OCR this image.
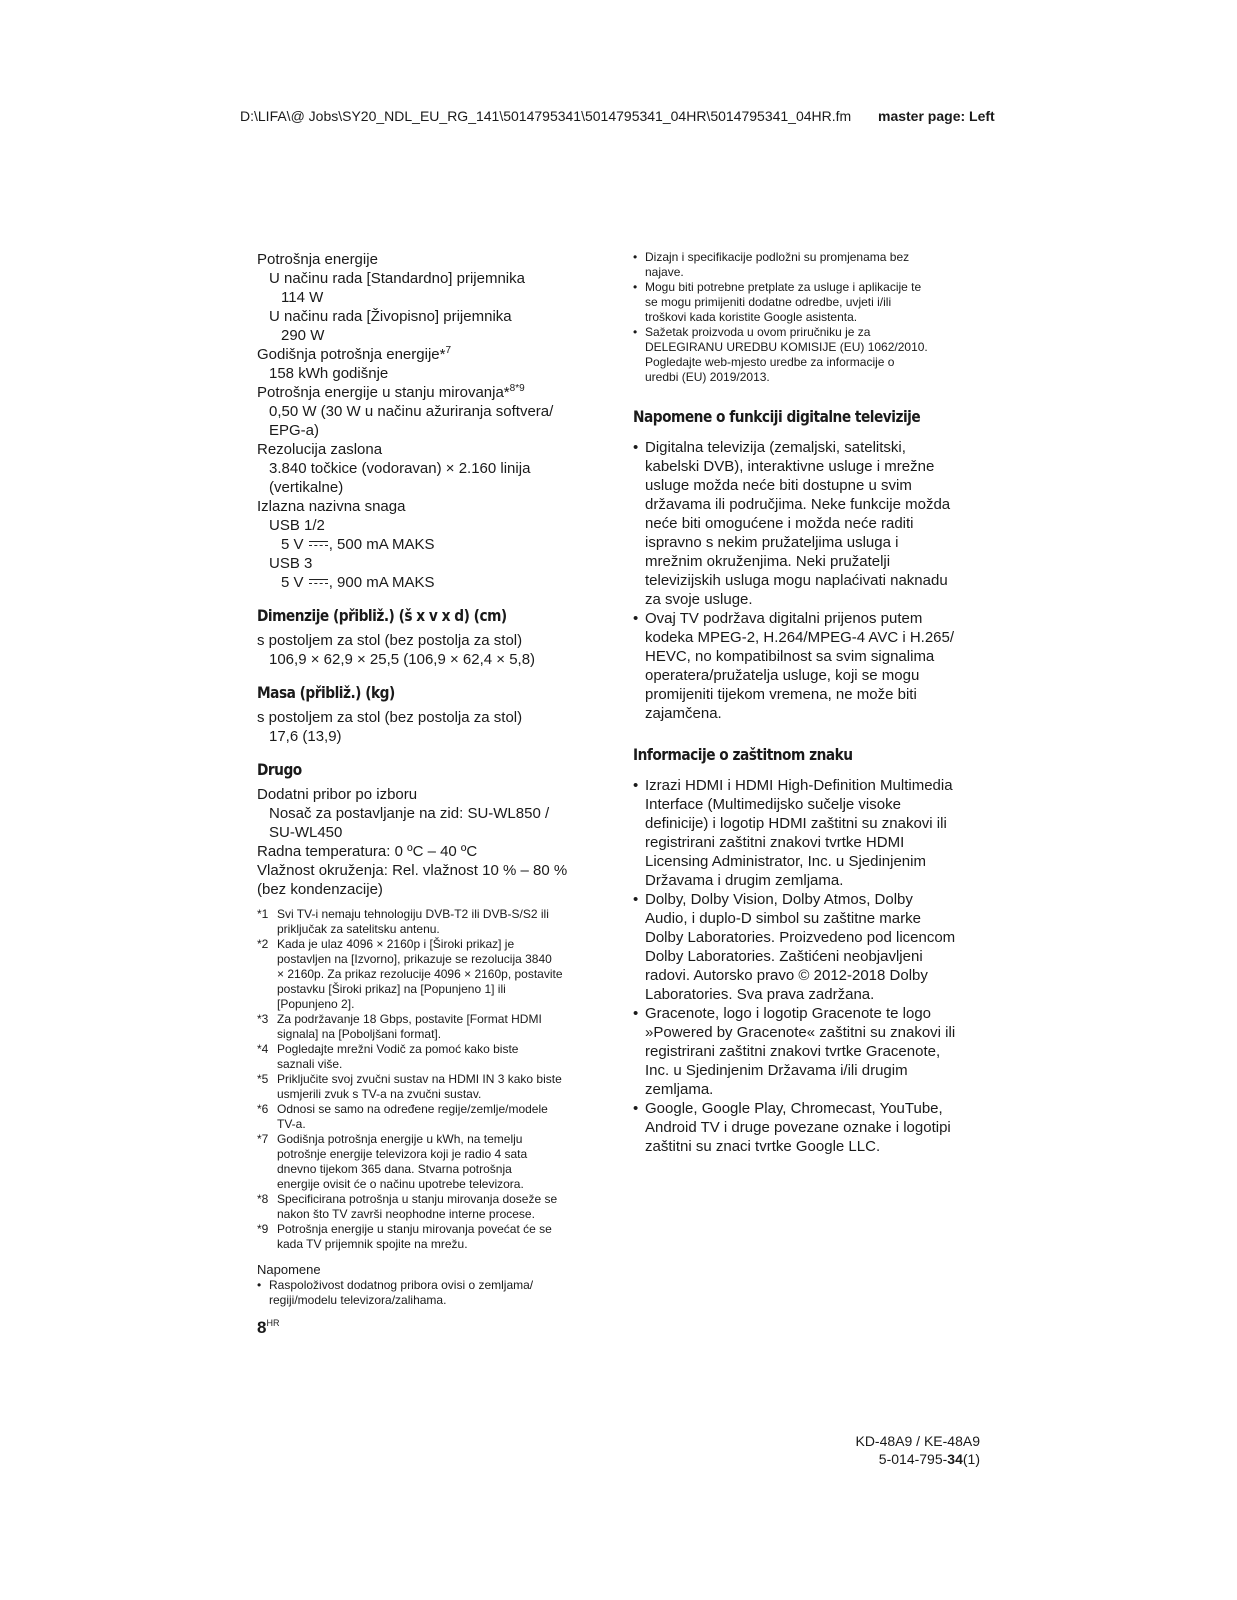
D:\LIFA\@ Jobs\SY20_NDL_EU_RG_141\5014795341\5014795341_04HR\5014795341_04HR.fm master page: Left
Potrošnja energije
U načinu rada [Standardno] prijemnika
114 W
U načinu rada [Živopisno] prijemnika
290 W
Godišnja potrošnja energije*$^7$
158 kWh godišnje
Potrošnja energije u stanju mirovanja*$^{8*9}$
0,50 W (30 W u načinu ažuriranja softvera/
EPG-a)
Rezolucija zaslona
3.840 točkice (vodoravan) × 2.160 linija
(vertikalne)
Izlazna nazivna snaga
USB 1/2
5 V , 500 mA MAKS
USB 3
5 V , 900 mA MAKS
Dimenzije (přibliž.) (š x v x d) (cm)
s postoljem za stol (bez postolja za stol)
106,9 × 62,9 × 25,5 (106,9 × 62,4 × 5,8)
Masa (přibliž.) (kg)
s postoljem za stol (bez postolja za stol)
17,6 (13,9)
Drugo
Dodatni pribor po izboru
Nosač za postavljanje na zid: SU-WL850 /
SU-WL450
Radna temperatura: 0 ºC – 40 ºC
Vlažnost okruženja: Rel. vlažnost 10 % – 80 %
(bez kondenzacije)
*1 Svi TV-i nemaju tehnologiju DVB-T2 ili DVB-S/S2 ili
priključak za satelitsku antenu.
*2 Kada je ulaz 4096 × 2160p i [Široki prikaz] je
postavljen na [Izvorno], prikazuje se rezolucija 3840
× 2160p. Za prikaz rezolucije 4096 × 2160p, postavite
postavku [Široki prikaz] na [Popunjeno 1] ili
[Popunjeno 2].
*3 Za podržavanje 18 Gbps, postavite [Format HDMI
signala] na [Poboljšani format].
*4 Pogledajte mrežni Vodič za pomoć kako biste
saznali više.
*5 Priključite svoj zvučni sustav na HDMI IN 3 kako biste
usmjerili zvuk s TV-a na zvučni sustav.
*6 Odnosi se samo na određene regije/zemlje/modele
TV-a.
*7 Godišnja potrošnja energije u kWh, na temelju
potrošnje energije televizora koji je radio 4 sata
dnevno tijekom 365 dana. Stvarna potrošnja
energije ovisit će o načinu upotrebe televizora.
*8 Specificirana potrošnja u stanju mirovanja doseže se
nakon što TV završi neophodne interne procese.
*9 Potrošnja energije u stanju mirovanja povećat će se
kada TV prijemnik spojite na mrežu.
Napomene
• Raspoloživost dodatnog pribora ovisi o zemljama/
regiji/modelu televizora/zalihama.
• Dizajn i specifikacije podložni su promjenama bez
najave.
• Mogu biti potrebne pretplate za usluge i aplikacije te
se mogu primijeniti dodatne odredbe, uvjeti i/ili
troškovi kada koristite Google asistenta.
• Sažetak proizvoda u ovom priručniku je za
DELEGIRANU UREDBU KOMISIJE (EU) 1062/2010.
Pogledajte web-mjesto uredbe za informacije o
uredbi (EU) 2019/2013.
Napomene o funkciji digitalne televizije
• Digitalna televizija (zemaljski, satelitski,
kabelski DVB), interaktivne usluge i mrežne
usluge možda neće biti dostupne u svim
državama ili područjima. Neke funkcije možda
neće biti omogućene i možda neće raditi
ispravno s nekim pružateljima usluga i
mrežnim okruženjima. Neki pružatelji
televizijskih usluga mogu naplaćivati naknadu
za svoje usluge.
• Ovaj TV podržava digitalni prijenos putem
kodeka MPEG-2, H.264/MPEG-4 AVC i H.265/
HEVC, no kompatibilnost sa svim signalima
operatera/pružatelja usluge, koji se mogu
promijeniti tijekom vremena, ne može biti
zajamčena.
Informacije o zaštitnom znaku
• Izrazi HDMI i HDMI High-Definition Multimedia
Interface (Multimedijsko sučelje visoke
definicije) i logotip HDMI zaštitni su znakovi ili
registrirani zaštitni znakovi tvrtke HDMI
Licensing Administrator, Inc. u Sjedinjenim
Državama i drugim zemljama.
• Dolby, Dolby Vision, Dolby Atmos, Dolby
Audio, i duplo-D simbol su zaštitne marke
Dolby Laboratories. Proizvedeno pod licencom
Dolby Laboratories. Zaštićeni neobjavljeni
radovi. Autorsko pravo © 2012-2018 Dolby
Laboratories. Sva prava zadržana.
• Gracenote, logo i logotip Gracenote te logo
»Powered by Gracenote« zaštitni su znakovi ili
registrirani zaštitni znakovi tvrtke Gracenote,
Inc. u Sjedinjenim Državama i/ili drugim
zemljama.
• Google, Google Play, Chromecast, YouTube,
Android TV i druge povezane oznake i logotipi
zaštitni su znaci tvrtke Google LLC.
$8^{HR}$
KD-48A9 / KE-48A9
5-014-795-34(1)
